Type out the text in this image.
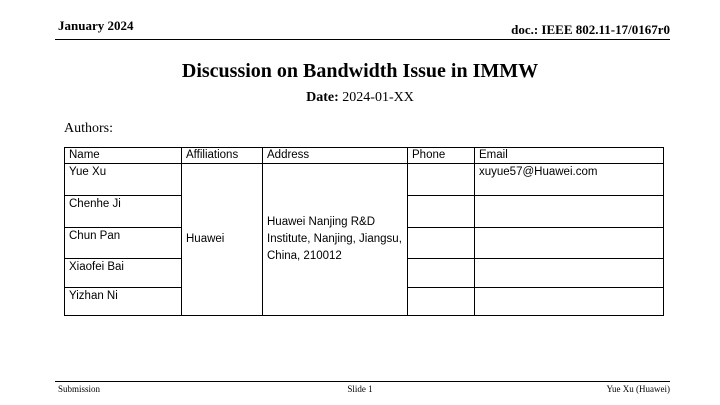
January 2024	doc.: IEEE 802.11-17/0167r0
Discussion on Bandwidth Issue in IMMW
Date: 2024-01-XX
Authors:
Name	Affiliations	Address	Phone	Email
Yue Xu	Huawei	Huawei Nanjing R&D Institute, Nanjing, Jiangsu, China, 210012		xuyue57@Huawei.com
Chenhe Ji				
Chun Pan				
Xiaofei Bai				
Yizhan Ni				
Submission	Slide 1	Yue Xu (Huawei)
